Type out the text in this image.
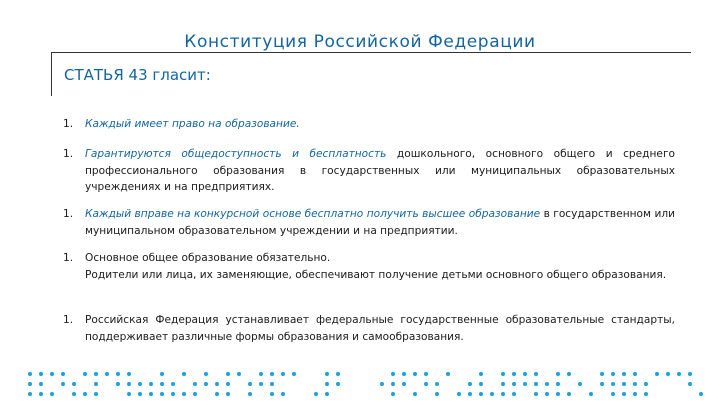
Конституция Российской Федерации
СТАТЬЯ 43 гласит:
1.	Каждый имеет право на образование.
1.	Гарантируются общедоступность и бесплатность дошкольного, основного общего и среднего профессионального образования в государственных или муниципальных образовательных учреждениях и на предприятиях.
1.	Каждый вправе на конкурсной основе бесплатно получить высшее образование в государственном или муниципальном образовательном учреждении и на предприятии.
1.	Основное общее образование обязательно.
Родители или лица, их заменяющие, обеспечивают получение детьми основного общего образования.
1.	Российская Федерация устанавливает федеральные государственные образовательные стандарты, поддерживает различные формы образования и самообразования.
